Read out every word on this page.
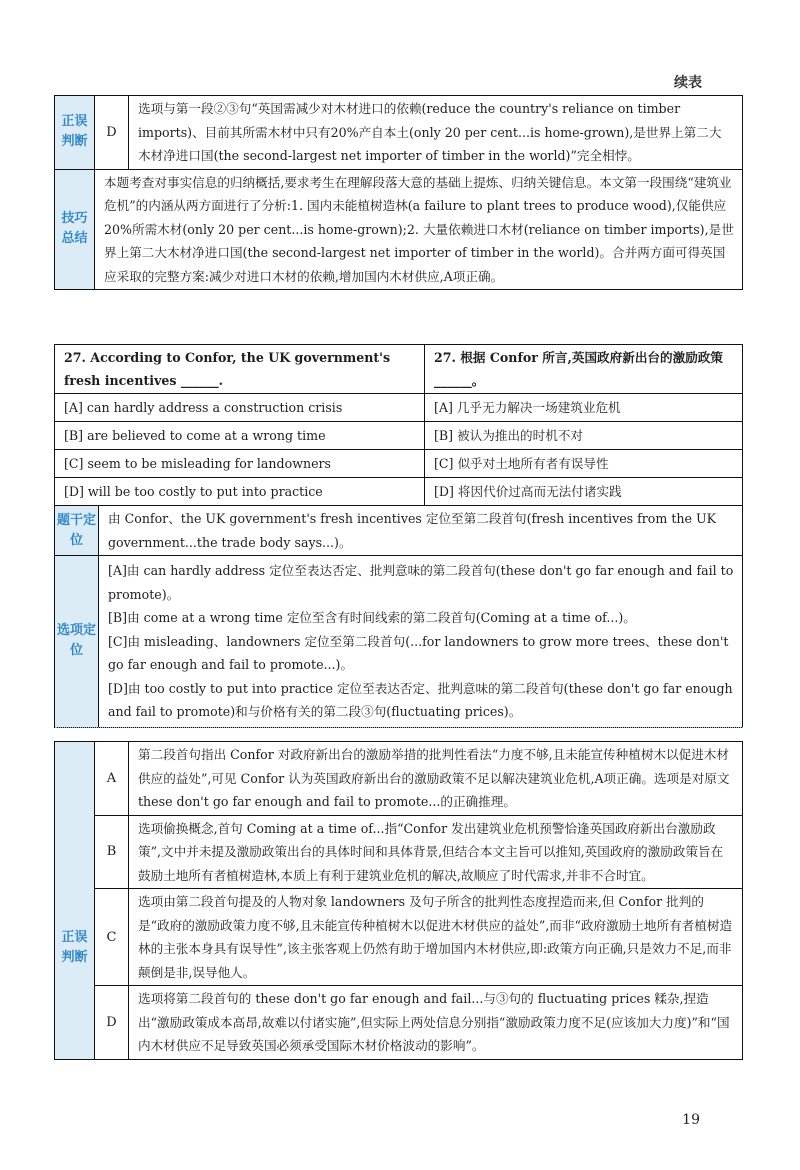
续表
正误判断	D	选项与第一段②③句“英国需减少对木材进口的依赖(reduce the country's reliance on timber imports)、目前其所需木材中只有20%产自本土(only 20 per cent...is home-grown),是世界上第二大木材净进口国(the second-largest net importer of timber in the world)”完全相悖。
技巧总结	本题考查对事实信息的归纳概括,要求考生在理解段落大意的基础上提炼、归纳关键信息。本文第一段围绕“建筑业危机”的内涵从两方面进行了分析:1. 国内未能植树造林(a failure to plant trees to produce wood),仅能供应20%所需木材(only 20 per cent...is home-grown);2. 大量依赖进口木材(reliance on timber imports),是世界上第二大木材净进口国(the second-largest net importer of timber in the world)。合并两方面可得英国应采取的完整方案:减少对进口木材的依赖,增加国内木材供应,A项正确。	
27. According to Confor, the UK government's fresh incentives ______.		27. 根据 Confor 所言,英国政府新出台的激励政策______。
[A] can hardly address a construction crisis		[A] 几乎无力解决一场建筑业危机
[B] are believed to come at a wrong time		[B] 被认为推出的时机不对
[C] seem to be misleading for landowners		[C] 似乎对土地所有者有误导性
[D] will be too costly to put into practice		[D] 将因代价过高而无法付诸实践
题干定位	由 Confor、the UK government's fresh incentives 定位至第二段首句(fresh incentives from the UK government...the trade body says...)。	
选项定位	[A]由 can hardly address 定位至表达否定、批判意味的第二段首句(these don't go far enough and fail to promote)。
[B]由 come at a wrong time 定位至含有时间线索的第二段首句(Coming at a time of...)。
[C]由 misleading、landowners 定位至第二段首句(...for landowners to grow more trees、these don't go far enough and fail to promote...)。
[D]由 too costly to put into practice 定位至表达否定、批判意味的第二段首句(these don't go far enough and fail to promote)和与价格有关的第二段③句(fluctuating prices)。	
正误判断	A	第二段首句指出 Confor 对政府新出台的激励举措的批判性看法“力度不够,且未能宣传种植树木以促进木材供应的益处”,可见 Confor 认为英国政府新出台的激励政策不足以解决建筑业危机,A项正确。选项是对原文 these don't go far enough and fail to promote...的正确推理。
	B	选项偷换概念,首句 Coming at a time of...指“Confor 发出建筑业危机预警恰逢英国政府新出台激励政策”,文中并未提及激励政策出台的具体时间和具体背景,但结合本文主旨可以推知,英国政府的激励政策旨在鼓励土地所有者植树造林,本质上有利于建筑业危机的解决,故顺应了时代需求,并非不合时宜。
	C	选项由第二段首句提及的人物对象 landowners 及句子所含的批判性态度捏造而来,但 Confor 批判的是“政府的激励政策力度不够,且未能宣传种植树木以促进木材供应的益处”,而非“政府激励土地所有者植树造林的主张本身具有误导性”,该主张客观上仍然有助于增加国内木材供应,即:政策方向正确,只是效力不足,而非颠倒是非,误导他人。
	D	选项将第二段首句的 these don't go far enough and fail...与③句的 fluctuating prices 糅杂,捏造出“激励政策成本高昂,故难以付诸实施”,但实际上两处信息分别指“激励政策力度不足(应该加大力度)”和“国内木材供应不足导致英国必须承受国际木材价格波动的影响”。
19
